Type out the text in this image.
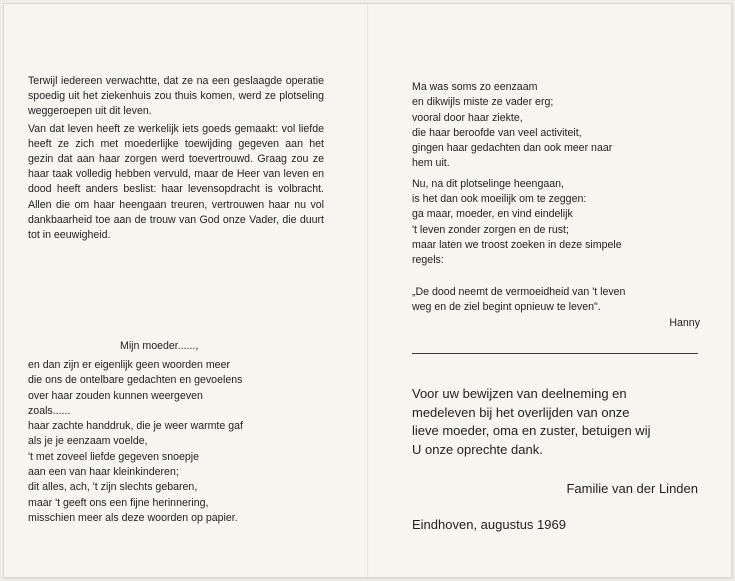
Terwijl iedereen verwachtte, dat ze na een geslaagde operatie spoedig uit het ziekenhuis zou thuis komen, werd ze plotseling weggeroepen uit dit leven.

Van dat leven heeft ze werkelijk iets goeds gemaakt: vol liefde heeft ze zich met moederlijke toewijding gegeven aan het gezin dat aan haar zorgen werd toevertrouwd. Graag zou ze haar taak volledig hebben vervuld, maar de Heer van leven en dood heeft anders beslist: haar levensopdracht is volbracht. Allen die om haar heengaan treuren, vertrouwen haar nu vol dankbaarheid toe aan de trouw van God onze Vader, die duurt tot in eeuwigheid.

Mijn moeder......,
en dan zijn er eigenlijk geen woorden meer
die ons de ontelbare gedachten en gevoelens
over haar zouden kunnen weergeven
zoals......
haar zachte handdruk, die je weer warmte gaf
als je je eenzaam voelde,
't met zoveel liefde gegeven snoepje
aan een van haar kleinkinderen;
dit alles, ach, 't zijn slechts gebaren,
maar 't geeft ons een fijne herinnering,
misschien meer als deze woorden op papier.
Ma was soms zo eenzaam
en dikwijls miste ze vader erg;
vooral door haar ziekte,
die haar beroofde van veel activiteit,
gingen haar gedachten dan ook meer naar
hem uit.
Nu, na dit plotselinge heengaan,
is het dan ook moeilijk om te zeggen:
ga maar, moeder, en vind eindelijk
't leven zonder zorgen en de rust;
maar laten we troost zoeken in deze simpele
regels:
„De dood neemt de vermoeidheid van 't leven
weg en de ziel begint opnieuw te leven".
Hanny
Voor uw bewijzen van deelneming en
medeleven bij het overlijden van onze
lieve moeder, oma en zuster, betuigen wij
U onze oprechte dank.
Familie van der Linden
Eindhoven, augustus 1969
